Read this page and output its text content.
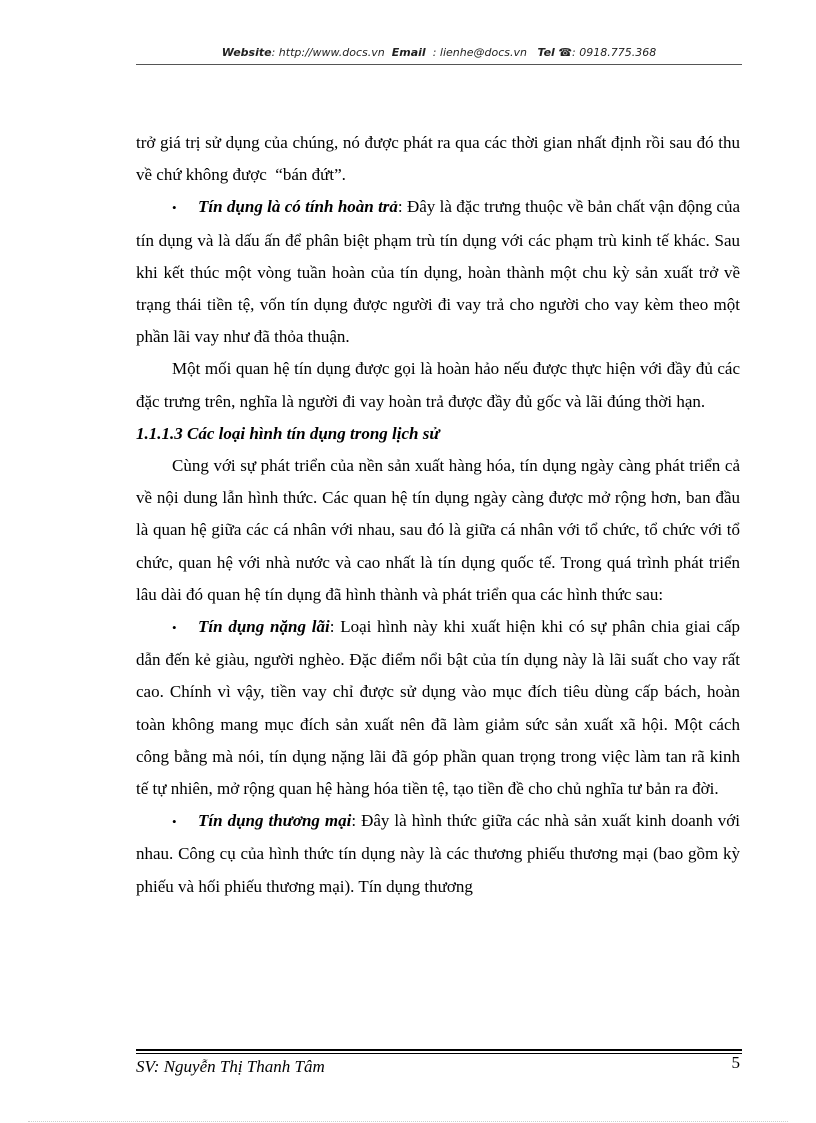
Website: http://www.docs.vn Email : lienhe@docs.vn Tel ☎: 0918.775.368

trở giá trị sử dụng của chúng, nó được phát ra qua các thời gian nhất định rồi sau đó thu về chứ không được  “bán đứt”.

• Tín dụng là có tính hoàn trả: Đây là đặc trưng thuộc về bản chất vận động của tín dụng và là dấu ấn để phân biệt phạm trù tín dụng với các phạm trù kinh tế khác. Sau khi kết thúc một vòng tuần hoàn của tín dụng, hoàn thành một chu kỳ sản xuất trở về trạng thái tiền tệ, vốn tín dụng được người đi vay trả cho người cho vay kèm theo một phần lãi vay như đã thỏa thuận.

Một mối quan hệ tín dụng được gọi là hoàn hảo nếu được thực hiện với đầy đủ các đặc trưng trên, nghĩa là người đi vay hoàn trả được đầy đủ gốc và lãi đúng thời hạn.

1.1.1.3 Các loại hình tín dụng trong lịch sử

Cùng với sự phát triển của nền sản xuất hàng hóa, tín dụng ngày càng phát triển cả về nội dung lẫn hình thức. Các quan hệ tín dụng ngày càng được mở rộng hơn, ban đầu là quan hệ giữa các cá nhân với nhau, sau đó là giữa cá nhân với tổ chức, tổ chức với tổ chức, quan hệ với nhà nước và cao nhất là tín dụng quốc tế. Trong quá trình phát triển lâu dài đó quan hệ tín dụng đã hình thành và phát triển qua các hình thức sau:

• Tín dụng nặng lãi: Loại hình này khi xuất hiện khi có sự phân chia giai cấp dẫn đến kẻ giàu, người nghèo. Đặc điểm nổi bật của tín dụng này là lãi suất cho vay rất cao. Chính vì vậy, tiền vay chỉ được sử dụng vào mục đích tiêu dùng cấp bách, hoàn toàn không mang mục đích sản xuất nên đã làm giảm sức sản xuất xã hội. Một cách công bằng mà nói, tín dụng nặng lãi đã góp phần quan trọng trong việc làm tan rã kinh tế tự nhiên, mở rộng quan hệ hàng hóa tiền tệ, tạo tiền đề cho chủ nghĩa tư bản ra đời.

• Tín dụng thương mại: Đây là hình thức giữa các nhà sản xuất kinh doanh với nhau. Công cụ của hình thức tín dụng này là các thương phiếu thương mại (bao gồm kỳ phiếu và hối phiếu thương mại). Tín dụng thương

SV: Nguyễn Thị Thanh Tâm	5
